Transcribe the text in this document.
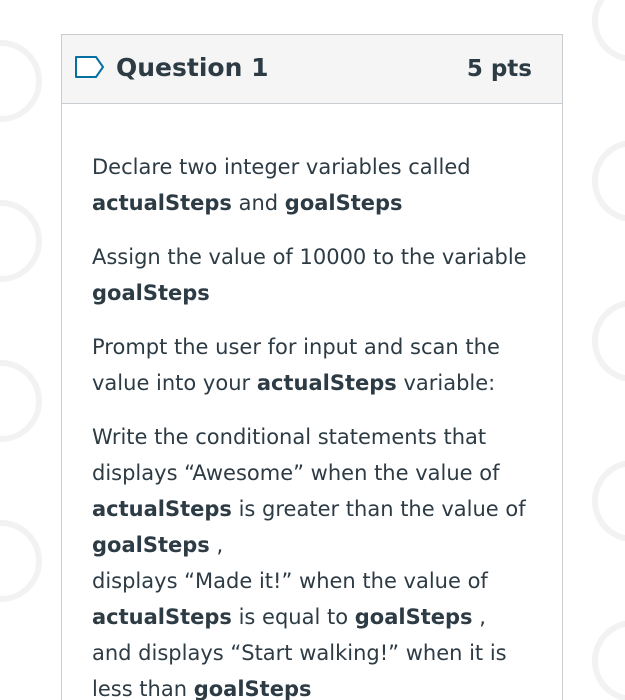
Question 1	5 pts

Declare two integer variables called
actualSteps and goalSteps

Assign the value of 10000 to the variable
goalSteps

Prompt the user for input and scan the value into your actualSteps variable:

Write the conditional statements that displays “Awesome” when the value of actualSteps is greater than the value of goalSteps ,
displays “Made it!” when the value of actualSteps is equal to goalSteps ,
and displays “Start walking!” when it is less than goalSteps
